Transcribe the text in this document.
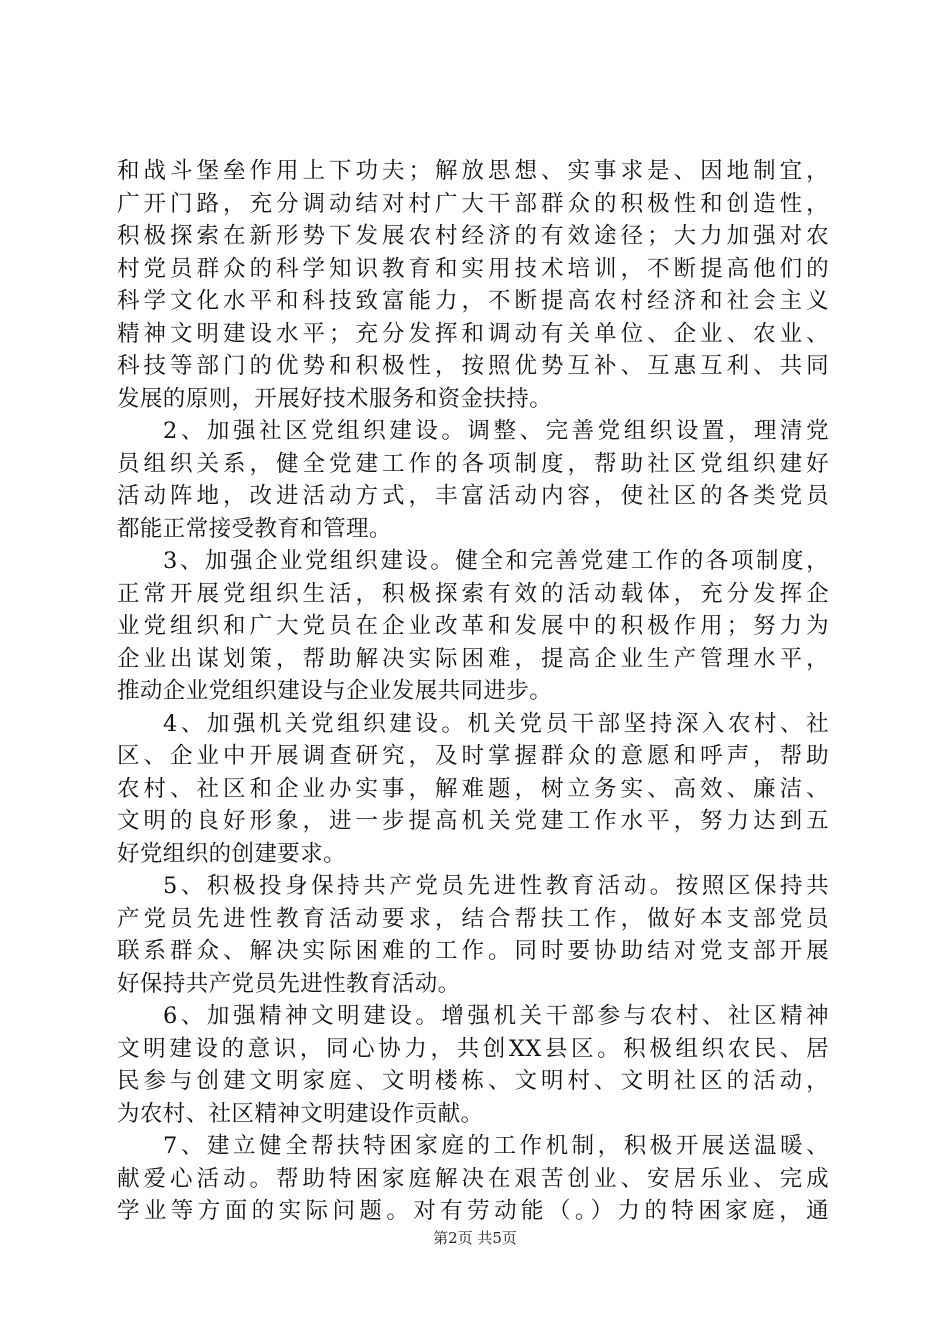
和战斗堡垒作用上下功夫；解放思想、实事求是、因地制宜，
广开门路，充分调动结对村广大干部群众的积极性和创造性，
积极探索在新形势下发展农村经济的有效途径；大力加强对农
村党员群众的科学知识教育和实用技术培训，不断提高他们的
科学文化水平和科技致富能力，不断提高农村经济和社会主义
精神文明建设水平；充分发挥和调动有关单位、企业、农业、
科技等部门的优势和积极性，按照优势互补、互惠互利、共同
发展的原则，开展好技术服务和资金扶持。
2、加强社区党组织建设。调整、完善党组织设置，理清党
员组织关系，健全党建工作的各项制度，帮助社区党组织建好
活动阵地，改进活动方式，丰富活动内容，使社区的各类党员
都能正常接受教育和管理。
3、加强企业党组织建设。健全和完善党建工作的各项制度，
正常开展党组织生活，积极探索有效的活动载体，充分发挥企
业党组织和广大党员在企业改革和发展中的积极作用；努力为
企业出谋划策，帮助解决实际困难，提高企业生产管理水平，
推动企业党组织建设与企业发展共同进步。
4、加强机关党组织建设。机关党员干部坚持深入农村、社
区、企业中开展调查研究，及时掌握群众的意愿和呼声，帮助
农村、社区和企业办实事，解难题，树立务实、高效、廉洁、
文明的良好形象，进一步提高机关党建工作水平，努力达到五
好党组织的创建要求。
5、积极投身保持共产党员先进性教育活动。按照区保持共
产党员先进性教育活动要求，结合帮扶工作，做好本支部党员
联系群众、解决实际困难的工作。同时要协助结对党支部开展
好保持共产党员先进性教育活动。
6、加强精神文明建设。增强机关干部参与农村、社区精神
文明建设的意识，同心协力，共创XX县区。积极组织农民、居
民参与创建文明家庭、文明楼栋、文明村、文明社区的活动，
为农村、社区精神文明建设作贡献。
7、建立健全帮扶特困家庭的工作机制，积极开展送温暖、
献爱心活动。帮助特困家庭解决在艰苦创业、安居乐业、完成
学业等方面的实际问题。对有劳动能（。）力的特困家庭，通
第2页 共5页
